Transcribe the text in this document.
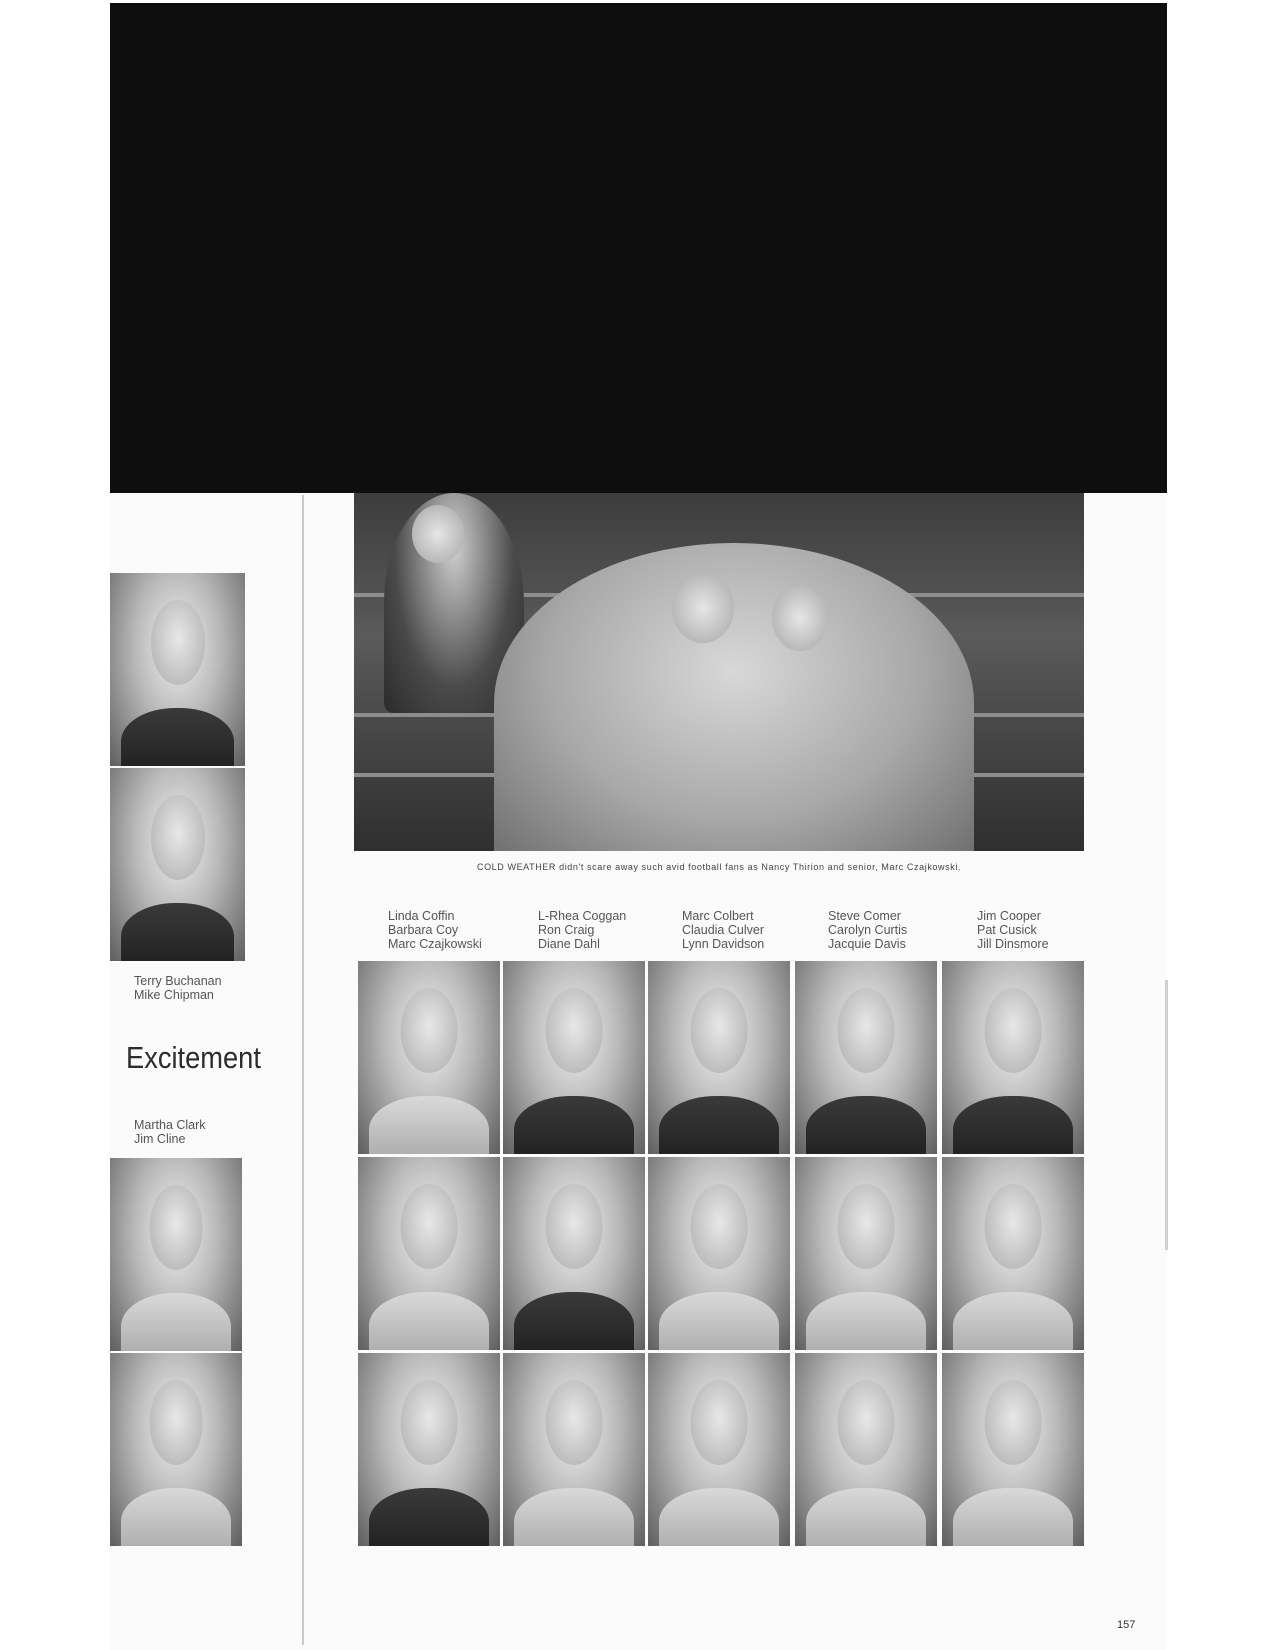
Terry Buchanan
Mike Chipman
Excitement
Martha Clark
Jim Cline
COLD WEATHER didn't scare away such avid football fans as Nancy Thirion and senior, Marc Czajkowski.
Linda Coffin
Barbara Coy
Marc Czajkowski
L-Rhea Coggan
Ron Craig
Diane Dahl
Marc Colbert
Claudia Culver
Lynn Davidson
Steve Comer
Carolyn Curtis
Jacquie Davis
Jim Cooper
Pat Cusick
Jill Dinsmore
157
